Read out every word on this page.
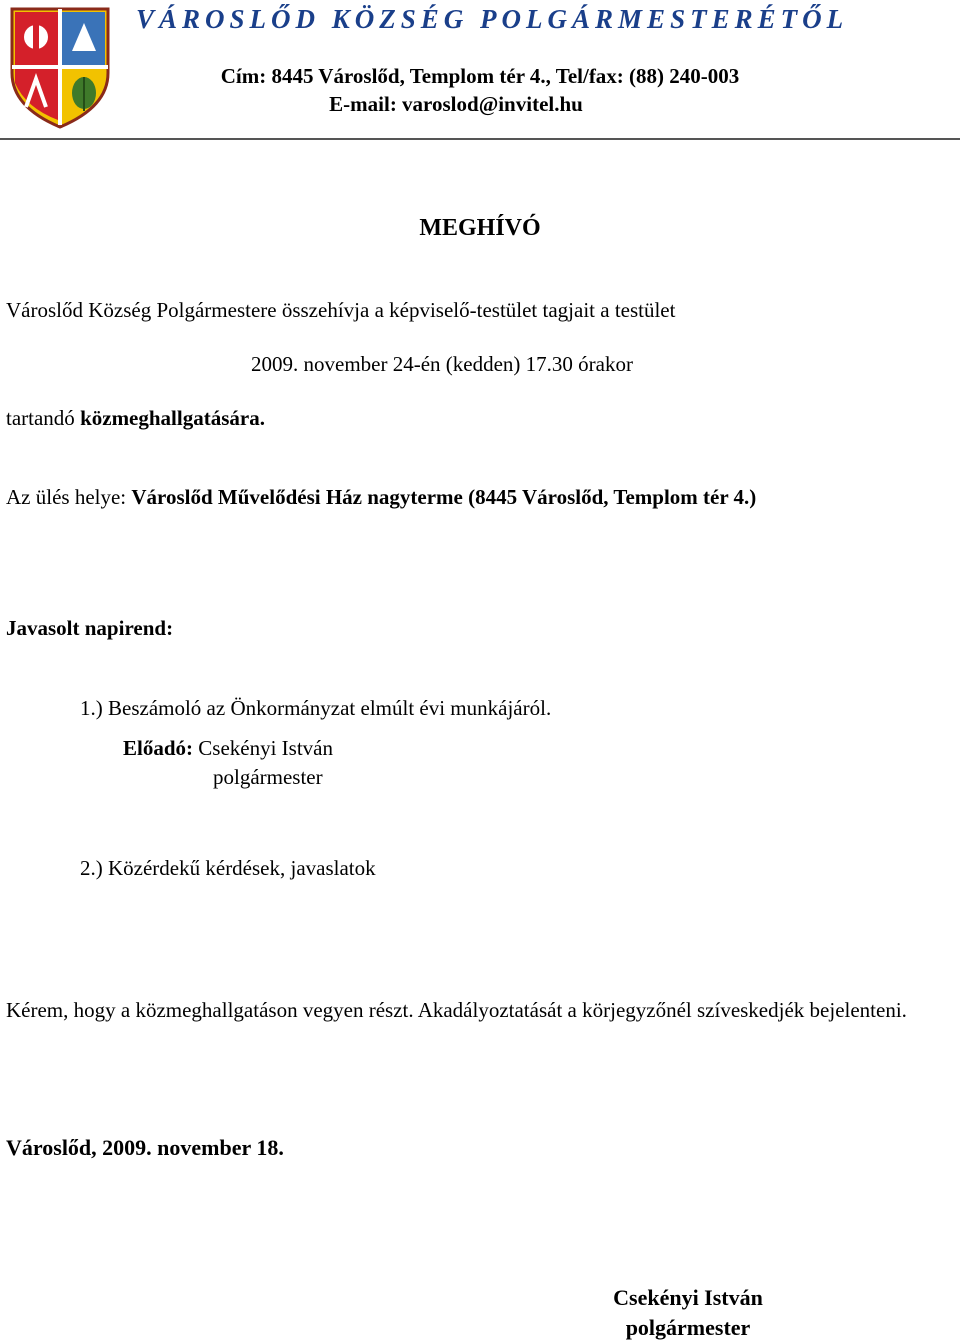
VÁROSLŐD KÖZSÉG POLGÁRMESTERÉTŐL
Cím: 8445 Városlőd, Templom tér 4., Tel/fax: (88) 240-003
E-mail: varoslod@invitel.hu
MEGHÍVÓ
Városlőd Község Polgármestere összehívja a képviselő-testület tagjait a testület
2009. november 24-én (kedden) 17.30 órakor
tartandó közmeghallgatására.
Az ülés helye: Városlőd Művelődési Ház nagyterme (8445 Városlőd, Templom tér 4.)
Javasolt napirend:
1.) Beszámoló az Önkormányzat elmúlt évi munkájáról.
Előadó: Csekényi István
polgármester
2.) Közérdekű kérdések, javaslatok
Kérem, hogy a közmeghallgatáson vegyen részt. Akadályoztatását a körjegyzőnél szíveskedjék bejelenteni.
Városlőd, 2009. november 18.
Csekényi István
polgármester
